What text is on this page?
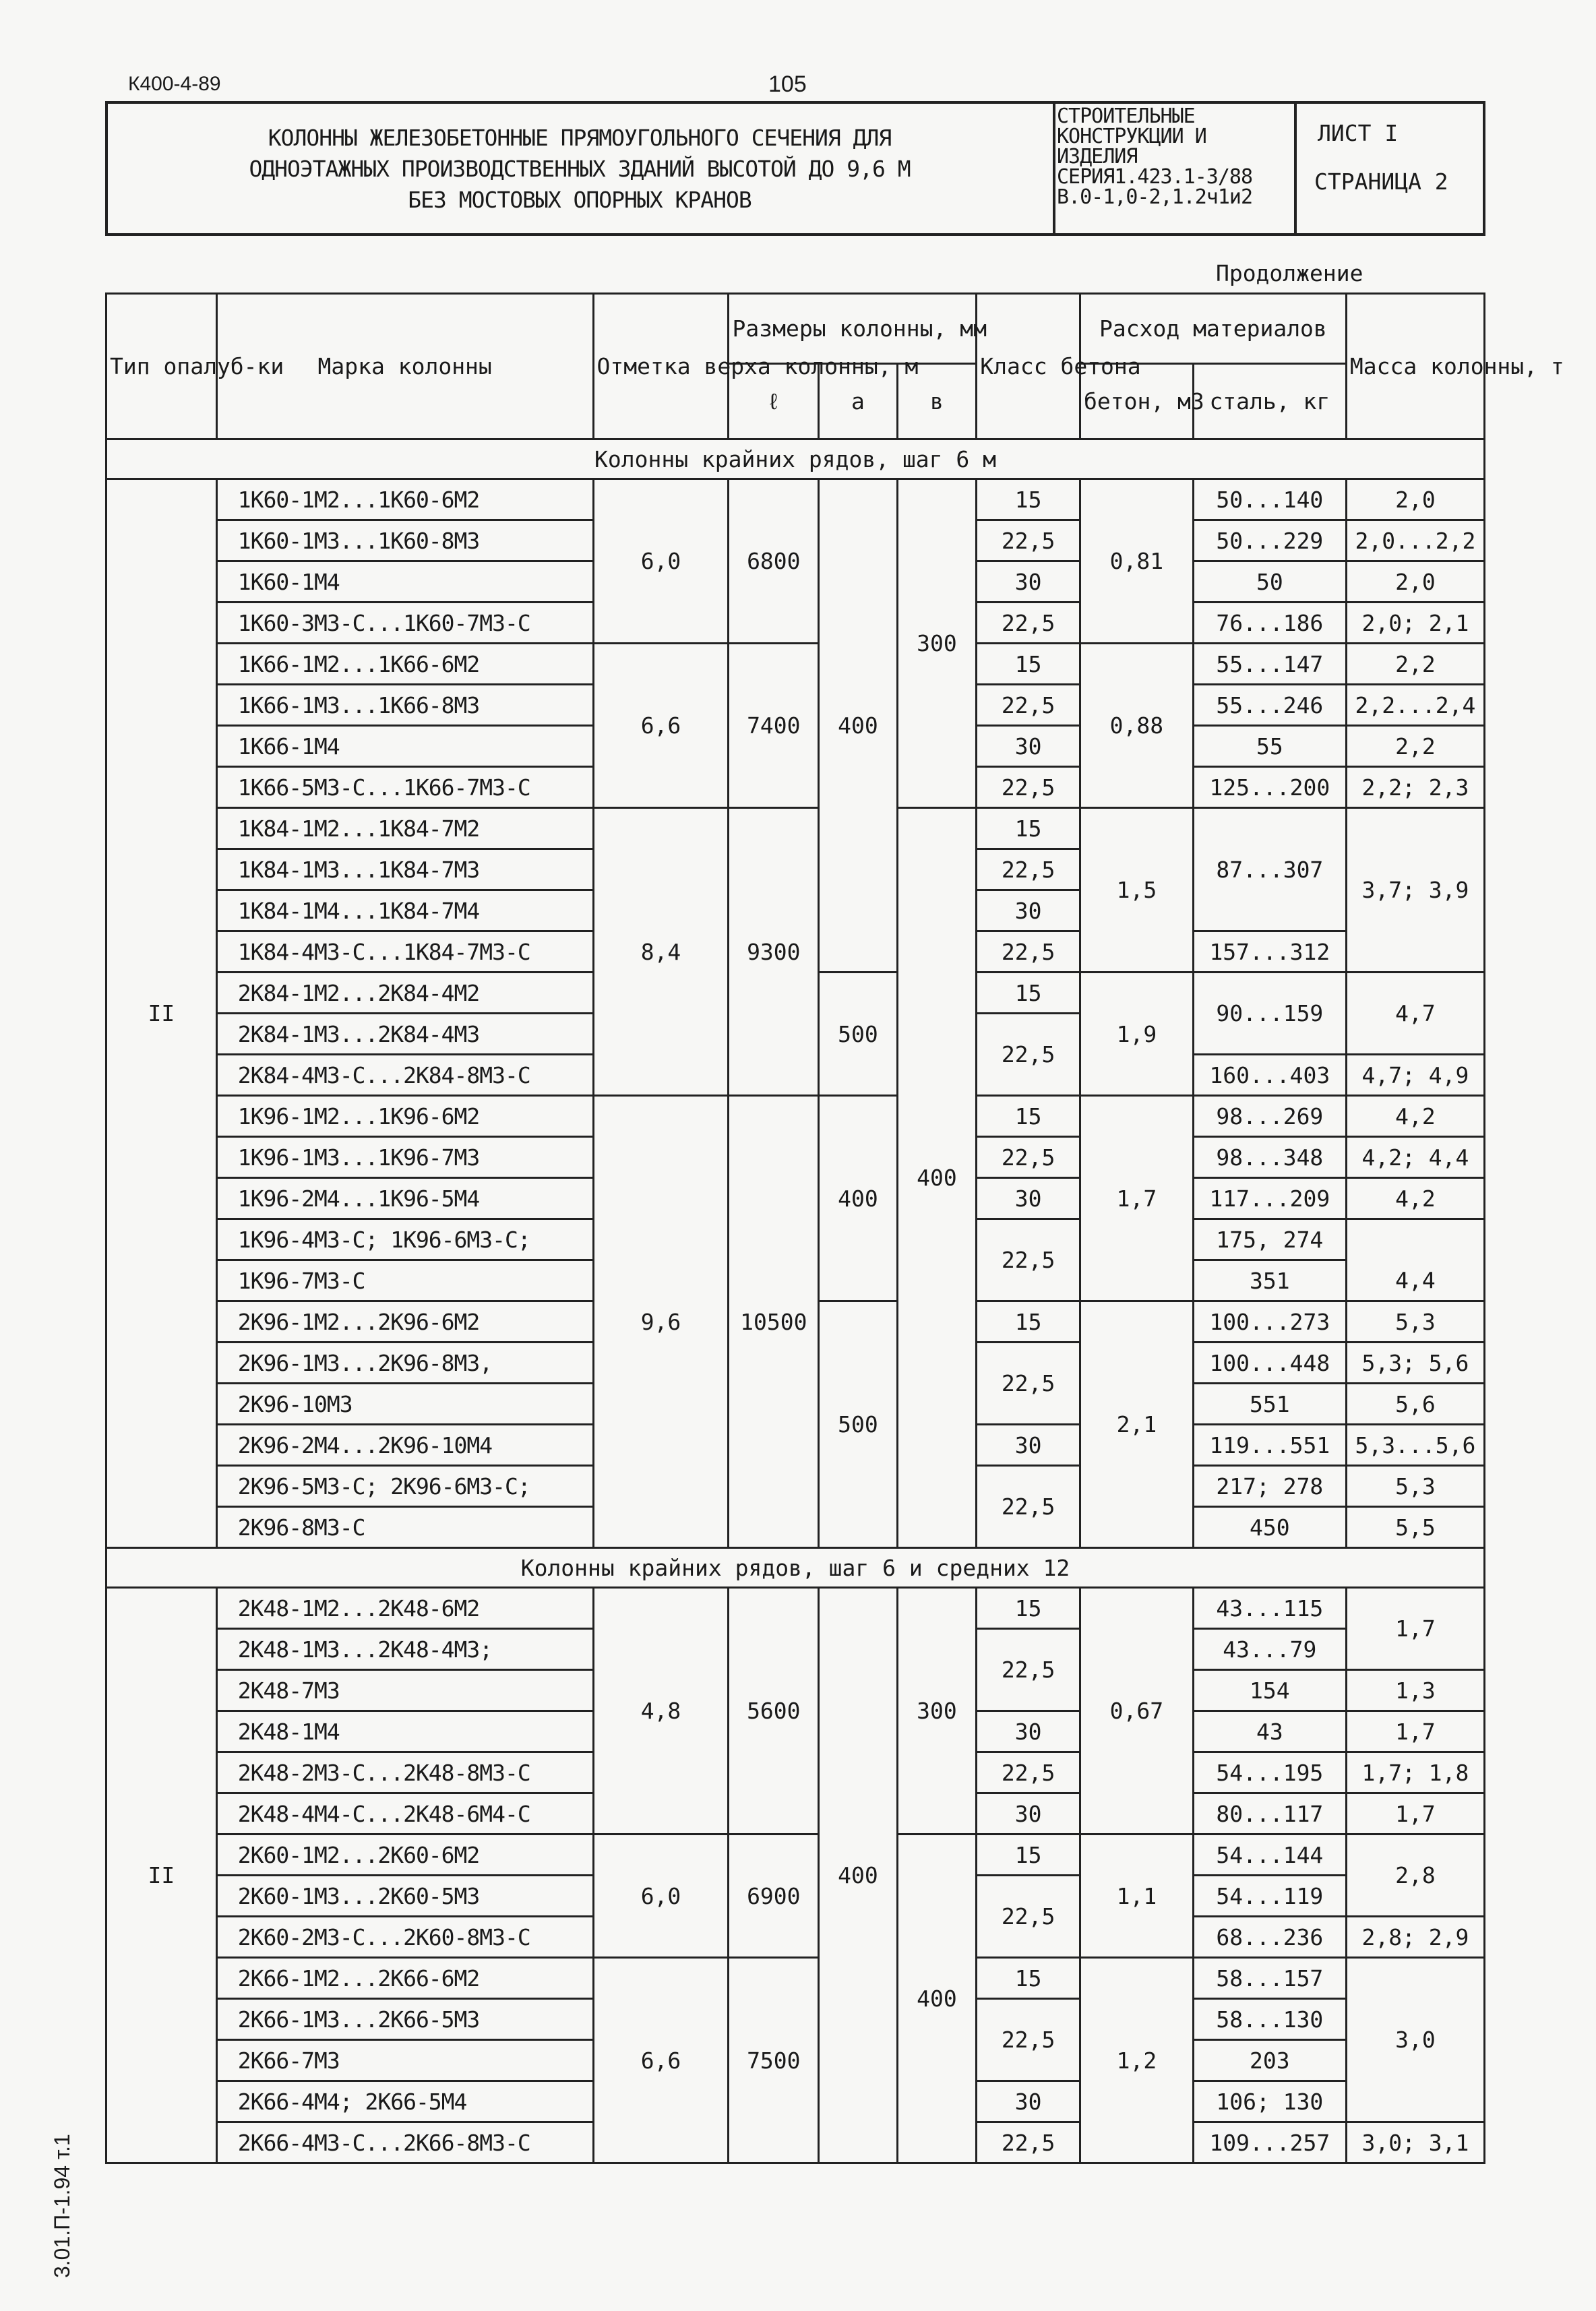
К400-4-89	105
КОЛОННЫ ЖЕЛЕЗОБЕТОННЫЕ ПРЯМОУГОЛЬНОГО СЕЧЕНИЯ ДЛЯ
ОДНОЭТАЖНЫХ ПРОИЗВОДСТВЕННЫХ ЗДАНИЙ ВЫСОТОЙ ДО 9,6 М
БЕЗ МОСТОВЫХ ОПОРНЫХ КРАНОВ
СТРОИТЕЛЬНЫЕ
КОНСТРУКЦИИ И
ИЗДЕЛИЯ
СЕРИЯ1.423.1-3/88
В.0-1,0-2,1.2ч1и2
ЛИСТ I
СТРАНИЦА 2
Продолжение									
Тип опалуб-ки	Марка колонны	Отметка верха колонны, м	Размеры колонны, мм			Класс бетона	Расход материалов		Масса колонны, т
			ℓ	а	в		бетон, м3	сталь, кг	
Колонны крайних рядов, шаг 6 м									
II	1К60-1М2...1К60-6М2	6,0	6800	400	300	15	0,81	50...140	2,0
	1К60-1М3...1К60-8М3					22,5		50...229	2,0...2,2
	1К60-1М4					30		50	2,0
	1К60-3М3-С...1К60-7М3-С					22,5		76...186	2,0; 2,1
	1К66-1М2...1К66-6М2	6,6	7400			15	0,88	55...147	2,2
	1К66-1М3...1К66-8М3					22,5		55...246	2,2...2,4
	1К66-1М4					30		55	2,2
	1К66-5М3-С...1К66-7М3-С					22,5		125...200	2,2; 2,3
	1К84-1М2...1К84-7М2	8,4	9300		400	15	1,5	87...307	3,7; 3,9
	1К84-1М3...1К84-7М3					22,5			
	1К84-1М4...1К84-7М4					30			
	1К84-4М3-С...1К84-7М3-С					22,5		157...312	
	2К84-1М2...2К84-4М2			500		15	1,9	90...159	4,7
	2К84-1М3...2К84-4М3					22,5			
	2К84-4М3-С...2К84-8М3-С							160...403	4,7; 4,9
	1К96-1М2...1К96-6М2	9,6	10500	400		15	1,7	98...269	4,2
	1К96-1М3...1К96-7М3					22,5		98...348	4,2; 4,4
	1К96-2М4...1К96-5М4					30		117...209	4,2
	1К96-4М3-С; 1К96-6М3-С;					22,5		175, 274	
	1К96-7М3-С							351	4,4
	2К96-1М2...2К96-6М2			500		15	2,1	100...273	5,3
	2К96-1М3...2К96-8М3,					22,5		100...448	5,3; 5,6
	2К96-10М3							551	5,6
	2К96-2М4...2К96-10М4					30		119...551	5,3...5,6
	2К96-5М3-С; 2К96-6М3-С;					22,5		217; 278	5,3
	2К96-8М3-С							450	5,5
Колонны крайних рядов, шаг 6 и средних 12									
II	2К48-1М2...2К48-6М2	4,8	5600	400	300	15	0,67	43...115	1,7
	2К48-1М3...2К48-4М3;					22,5		43...79	
	2К48-7М3							154	1,3
	2К48-1М4					30		43	1,7
	2К48-2М3-С...2К48-8М3-С					22,5		54...195	1,7; 1,8
	2К48-4М4-С...2К48-6М4-С					30		80...117	1,7
	2К60-1М2...2К60-6М2	6,0	6900		400	15	1,1	54...144	2,8
	2К60-1М3...2К60-5М3					22,5		54...119	
	2К60-2М3-С...2К60-8М3-С							68...236	2,8; 2,9
	2К66-1М2...2К66-6М2	6,6	7500			15	1,2	58...157	3,0
	2К66-1М3...2К66-5М3					22,5		58...130	
	2К66-7М3							203	
	2К66-4М4; 2К66-5М4					30		106; 130	
	2К66-4М3-С...2К66-8М3-С					22,5		109...257	3,0; 3,1
3.01.П-1.94 т.1
